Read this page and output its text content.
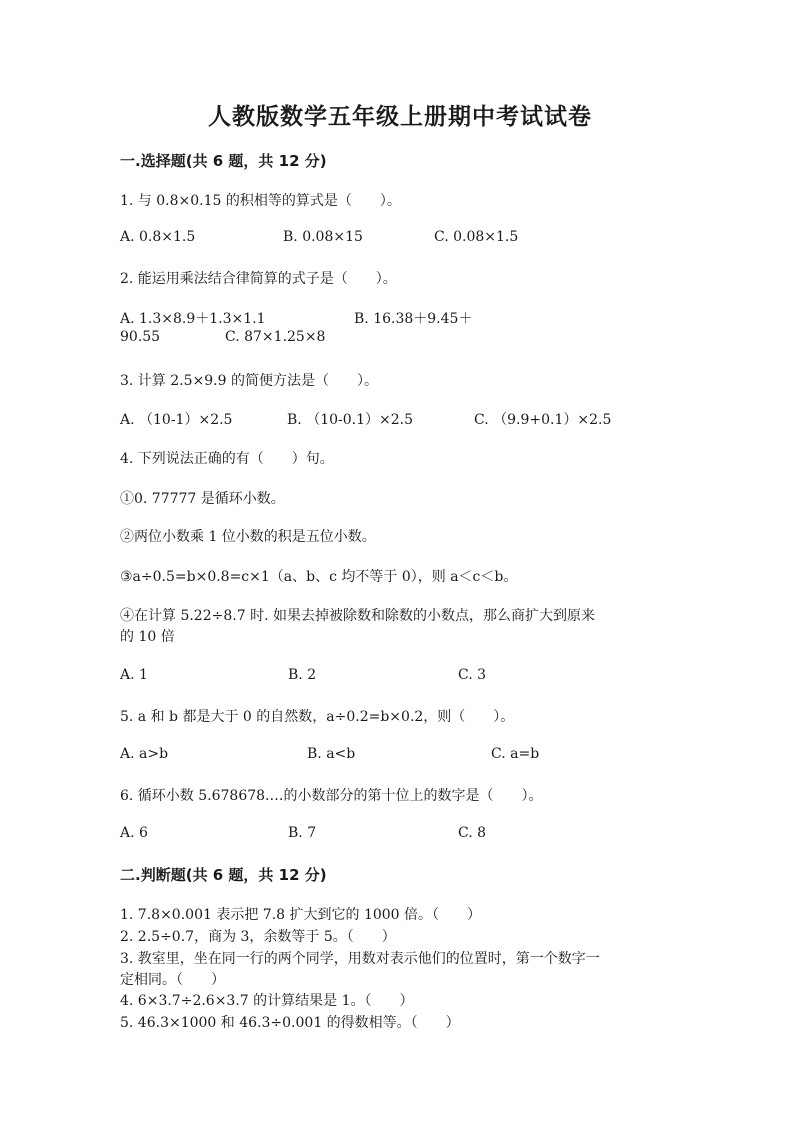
人教版数学五年级上册期中考试试卷
一.选择题(共 6 题，共 12 分)
1. 与 0.8×0.15 的积相等的算式是（　　）。
A. 0.8×1.5	B. 0.08×15	C. 0.08×1.5
2. 能运用乘法结合律简算的式子是（　　）。
A. 1.3×8.9＋1.3×1.1	B. 16.38＋9.45＋
90.55	C. 87×1.25×8
3. 计算 2.5×9.9 的简便方法是（　　）。
A. （10-1）×2.5	B. （10-0.1）×2.5	C. （9.9+0.1）×2.5
4. 下列说法正确的有（　　）句。
①0. 77777 是循环小数。
②两位小数乘 1 位小数的积是五位小数。
③a÷0.5=b×0.8=c×1（a、b、c 均不等于 0），则 a＜c＜b。
④在计算 5.22÷8.7 时. 如果去掉被除数和除数的小数点，那么商扩大到原来
的 10 倍
A. 1	B. 2	C. 3
5. a 和 b 都是大于 0 的自然数，a÷0.2=b×0.2，则（　　）。
A. a>b	B. a<b	C. a=b
6. 循环小数 5.678678.…的小数部分的第十位上的数字是（　　）。
A. 6	B. 7	C. 8
二.判断题(共 6 题，共 12 分)
1. 7.8×0.001 表示把 7.8 扩大到它的 1000 倍。（　　）
2. 2.5÷0.7，商为 3，余数等于 5。（　　）
3. 教室里，坐在同一行的两个同学，用数对表示他们的位置时，第一个数字一
定相同。（　　）
4. 6×3.7÷2.6×3.7 的计算结果是 1。（　　）
5. 46.3×1000 和 46.3÷0.001 的得数相等。（　　）
